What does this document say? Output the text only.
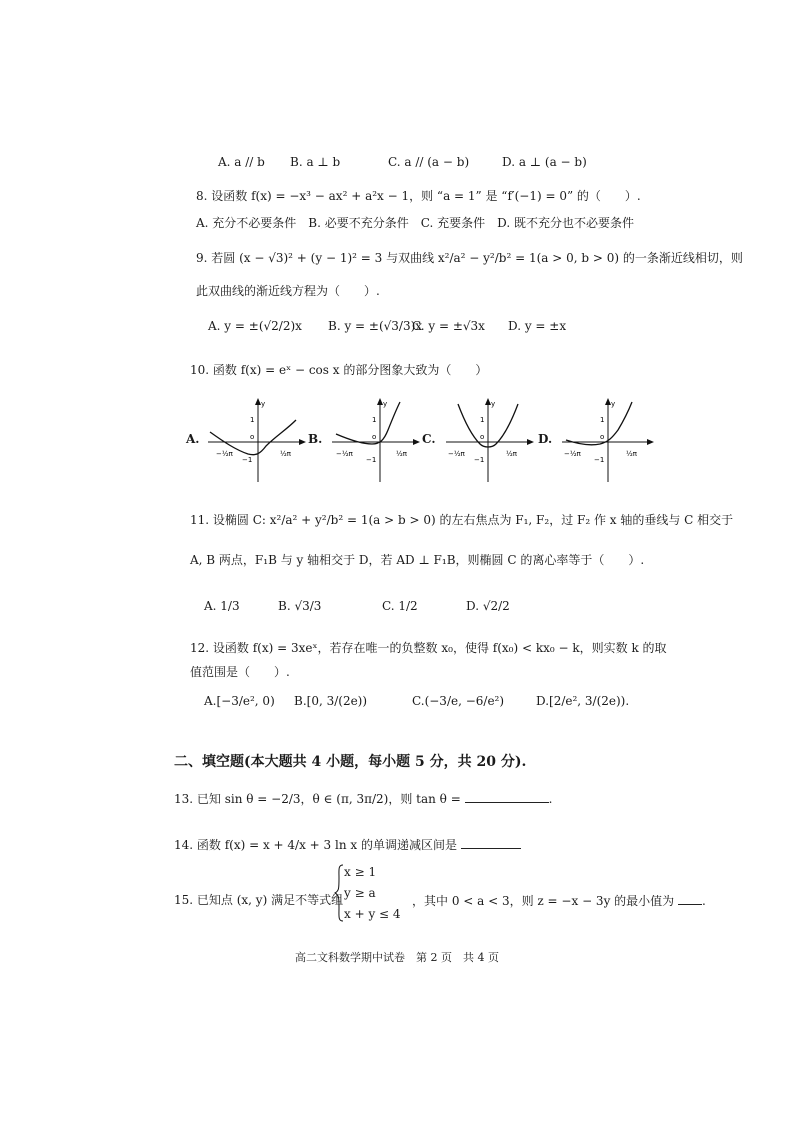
A. a // b B. a ⊥ b	C. a // (a − b)	D. a ⊥ (a − b)
8. 设函数 f(x) = −x³ − ax² + a²x − 1，则 “a = 1” 是 “f′(−1) = 0” 的（　　）.
A. 充分不必要条件　B. 必要不充分条件　C. 充要条件　D. 既不充分也不必要条件
9. 若圆 (x − √3)² + (y − 1)² = 3 与双曲线 x²/a² − y²/b² = 1(a > 0, b > 0) 的一条渐近线相切，则
此双曲线的渐近线方程为（　　）.
A. y = ±(√2/2)x B. y = ±(√3/3)x
C. y = ±√3x D. y = ±x
10. 函数 f(x) = eˣ − cos x 的部分图象大致为（　　）
A.	B.	C.	D.
y
o
1
−1
−½π	½π
y
o
1
−1
−½π	½π
y
o
1
−1
−½π	½π
y
o
1
−1
−½π	½π
11. 设椭圆 C: x²/a² + y²/b² = 1(a > b > 0) 的左右焦点为 F₁, F₂，过 F₂ 作 x 轴的垂线与 C 相交于
A, B 两点，F₁B 与 y 轴相交于 D，若 AD ⊥ F₁B，则椭圆 C 的离心率等于（　　）.
A. 1/3	B. √3/3	C. 1/2	D. √2/2
12. 设函数 f(x) = 3xeˣ，若存在唯一的负整数 x₀，使得 f(x₀) < kx₀ − k，则实数 k 的取
值范围是（　　）.
A.[−3/e², 0) B.[0, 3/(2e))	C.(−3/e, −6/e²)	D.[2/e², 3/(2e)).
二、填空题(本大题共 4 小题，每小题 5 分，共 20 分).
13. 已知 sin θ = −2/3，θ ∈ (π, 3π/2)，则 tan θ =	.
14. 函数 f(x) = x + 4/x + 3 ln x 的单调递减区间是
15. 已知点 (x, y) 满足不等式组
x ≥ 1
y ≥ a
x + y ≤ 4
，其中 0 < a < 3，则 z = −x − 3y 的最小值为 .
高二文科数学期中试卷　第 2 页　共 4 页
